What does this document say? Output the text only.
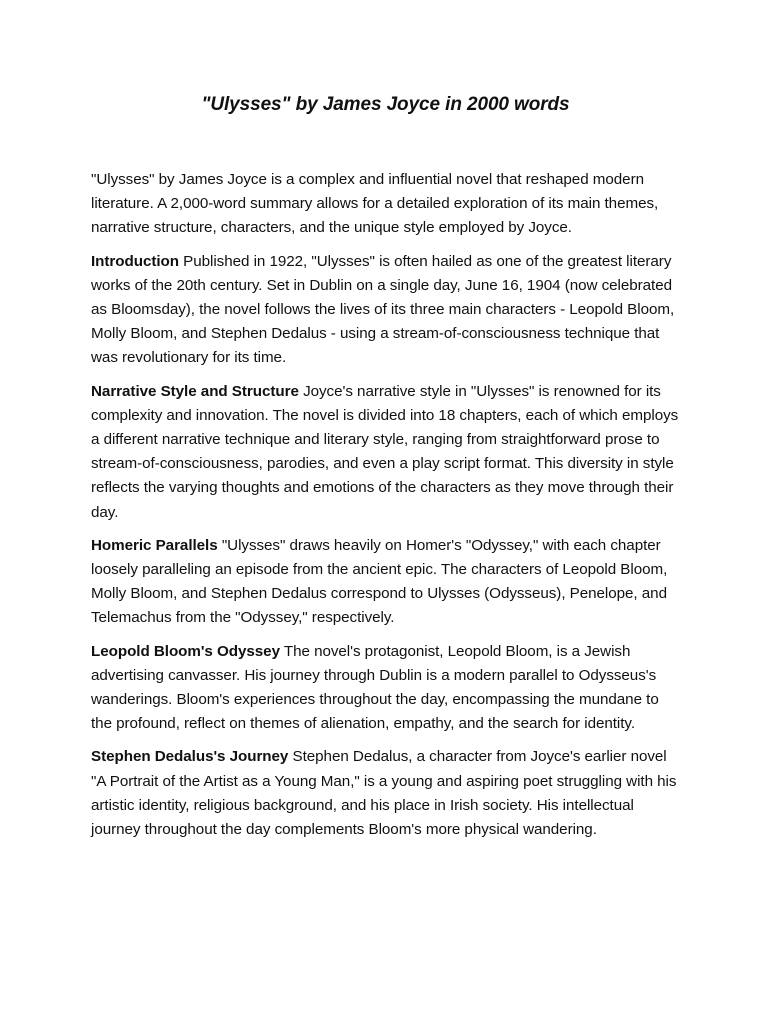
"Ulysses" by James Joyce in 2000 words

"Ulysses" by James Joyce is a complex and influential novel that reshaped modern literature. A 2,000-word summary allows for a detailed exploration of its main themes, narrative structure, characters, and the unique style employed by Joyce.

Introduction Published in 1922, "Ulysses" is often hailed as one of the greatest literary works of the 20th century. Set in Dublin on a single day, June 16, 1904 (now celebrated as Bloomsday), the novel follows the lives of its three main characters - Leopold Bloom, Molly Bloom, and Stephen Dedalus - using a stream-of-consciousness technique that was revolutionary for its time.

Narrative Style and Structure Joyce's narrative style in "Ulysses" is renowned for its complexity and innovation. The novel is divided into 18 chapters, each of which employs a different narrative technique and literary style, ranging from straightforward prose to stream-of-consciousness, parodies, and even a play script format. This diversity in style reflects the varying thoughts and emotions of the characters as they move through their day.

Homeric Parallels "Ulysses" draws heavily on Homer's "Odyssey," with each chapter loosely paralleling an episode from the ancient epic. The characters of Leopold Bloom, Molly Bloom, and Stephen Dedalus correspond to Ulysses (Odysseus), Penelope, and Telemachus from the "Odyssey," respectively.

Leopold Bloom's Odyssey The novel's protagonist, Leopold Bloom, is a Jewish advertising canvasser. His journey through Dublin is a modern parallel to Odysseus's wanderings. Bloom's experiences throughout the day, encompassing the mundane to the profound, reflect on themes of alienation, empathy, and the search for identity.

Stephen Dedalus's Journey Stephen Dedalus, a character from Joyce's earlier novel "A Portrait of the Artist as a Young Man," is a young and aspiring poet struggling with his artistic identity, religious background, and his place in Irish society. His intellectual journey throughout the day complements Bloom's more physical wandering.
